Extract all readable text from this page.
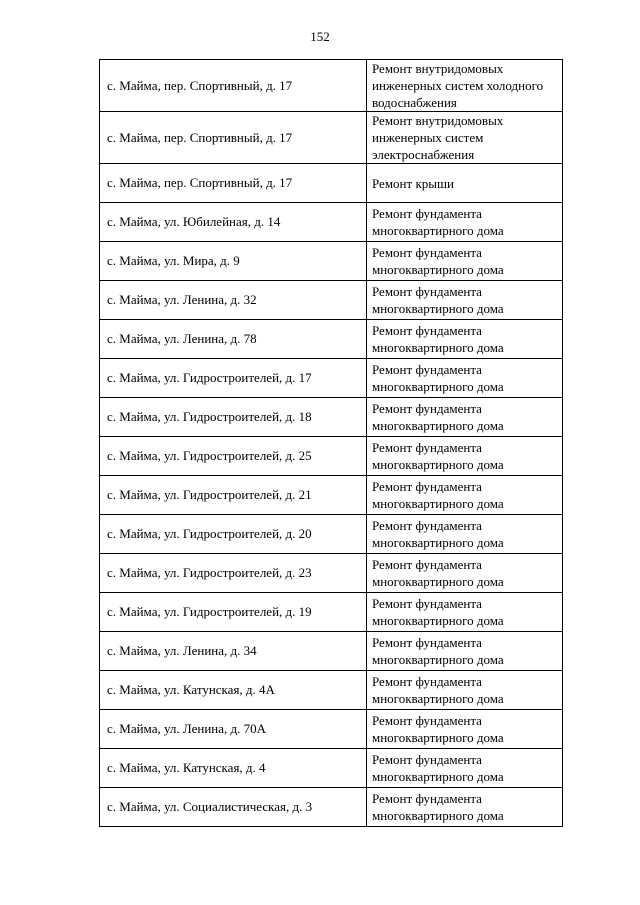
152
с. Майма, пер. Спортивный, д. 17	Ремонт внутридомовых инженерных систем холодного водоснабжения
с. Майма, пер. Спортивный, д. 17	Ремонт внутридомовых инженерных систем электроснабжения
с. Майма, пер. Спортивный, д. 17	Ремонт крыши
с. Майма, ул. Юбилейная, д. 14	Ремонт фундамента многоквартирного дома
с. Майма, ул. Мира, д. 9	Ремонт фундамента многоквартирного дома
с. Майма, ул. Ленина, д. 32	Ремонт фундамента многоквартирного дома
с. Майма, ул. Ленина, д. 78	Ремонт фундамента многоквартирного дома
с. Майма, ул. Гидростроителей, д. 17	Ремонт фундамента многоквартирного дома
с. Майма, ул. Гидростроителей, д. 18	Ремонт фундамента многоквартирного дома
с. Майма, ул. Гидростроителей, д. 25	Ремонт фундамента многоквартирного дома
с. Майма, ул. Гидростроителей, д. 21	Ремонт фундамента многоквартирного дома
с. Майма, ул. Гидростроителей, д. 20	Ремонт фундамента многоквартирного дома
с. Майма, ул. Гидростроителей, д. 23	Ремонт фундамента многоквартирного дома
с. Майма, ул. Гидростроителей, д. 19	Ремонт фундамента многоквартирного дома
с. Майма, ул. Ленина, д. 34	Ремонт фундамента многоквартирного дома
с. Майма, ул. Катунская, д. 4А	Ремонт фундамента многоквартирного дома
с. Майма, ул. Ленина, д. 70А	Ремонт фундамента многоквартирного дома
с. Майма, ул. Катунская, д. 4	Ремонт фундамента многоквартирного дома
с. Майма, ул. Социалистическая, д. 3	Ремонт фундамента многоквартирного дома
